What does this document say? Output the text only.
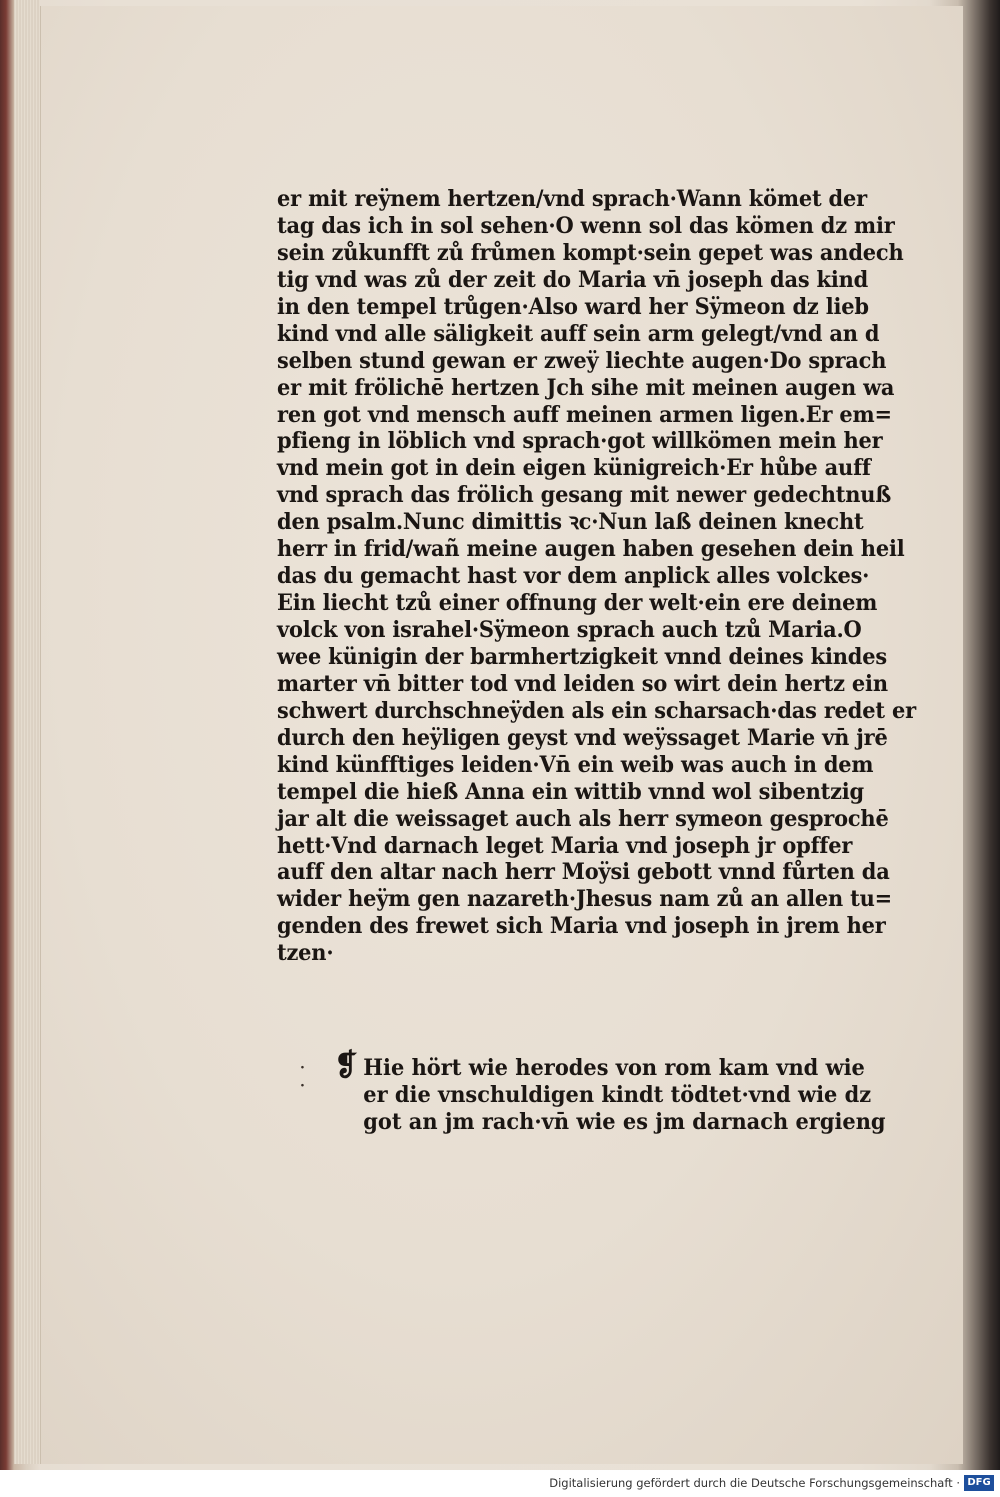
er mit reÿnem hertzen/vnd sprach·Wann kömet der
tag das ich in sol sehen·O wenn sol das kömen dz mir
sein zůkunfft zů frůmen kompt·sein gepet was andech
tig vnd was zů der zeit do Maria vn̄ joseph das kind
in den tempel trůgen·Also ward her Sÿmeon dz lieb
kind vnd alle säligkeit auff sein arm gelegt/vnd an d
selben stund gewan er zweÿ liechte augen·Do sprach
er mit frölichē hertzen Jch sihe mit meinen augen wa
ren got vnd mensch auff meinen armen ligen.Er em=
pfieng in löblich vnd sprach·got willkömen mein her
vnd mein got in dein eigen künigreich·Er hůbe auff
vnd sprach das frölich gesang mit newer gedechtnuß
den psalm.Nunc dimittis ꝛc·Nun laß deinen knecht
herr in frid/wañ meine augen haben gesehen dein heil
das du gemacht hast vor dem anplick alles volckes·
Ein liecht tzů einer offnung der welt·ein ere deinem
volck von israhel·Sÿmeon sprach auch tzů Maria.O
wee künigin der barmhertzigkeit vnnd deines kindes
marter vn̄ bitter tod vnd leiden so wirt dein hertz ein
schwert durchschneÿden als ein scharsach·das redet er
durch den heÿligen geyst vnd weÿssaget Marie vn̄ jrē
kind künfftiges leiden·Vn̄ ein weib was auch in dem
tempel die hieß Anna ein wittib vnnd wol sibentzig
jar alt die weissaget auch als herr symeon gesprochē
hett·Vnd darnach leget Maria vnd joseph jr opffer
auff den altar nach herr Moÿsi gebott vnnd fůrten da
wider heÿm gen nazareth·Jhesus nam zů an allen tu=
genden des frewet sich Maria vnd joseph in jrem her
tzen·
·
·
❡ Hie hört wie herodes von rom kam vnd wie
er die vnschuldigen kindt tödtet·vnd wie dz
got an jm rach·vn̄ wie es jm darnach ergieng
Digitalisierung gefördert durch die Deutsche Forschungsgemeinschaft · DFG
